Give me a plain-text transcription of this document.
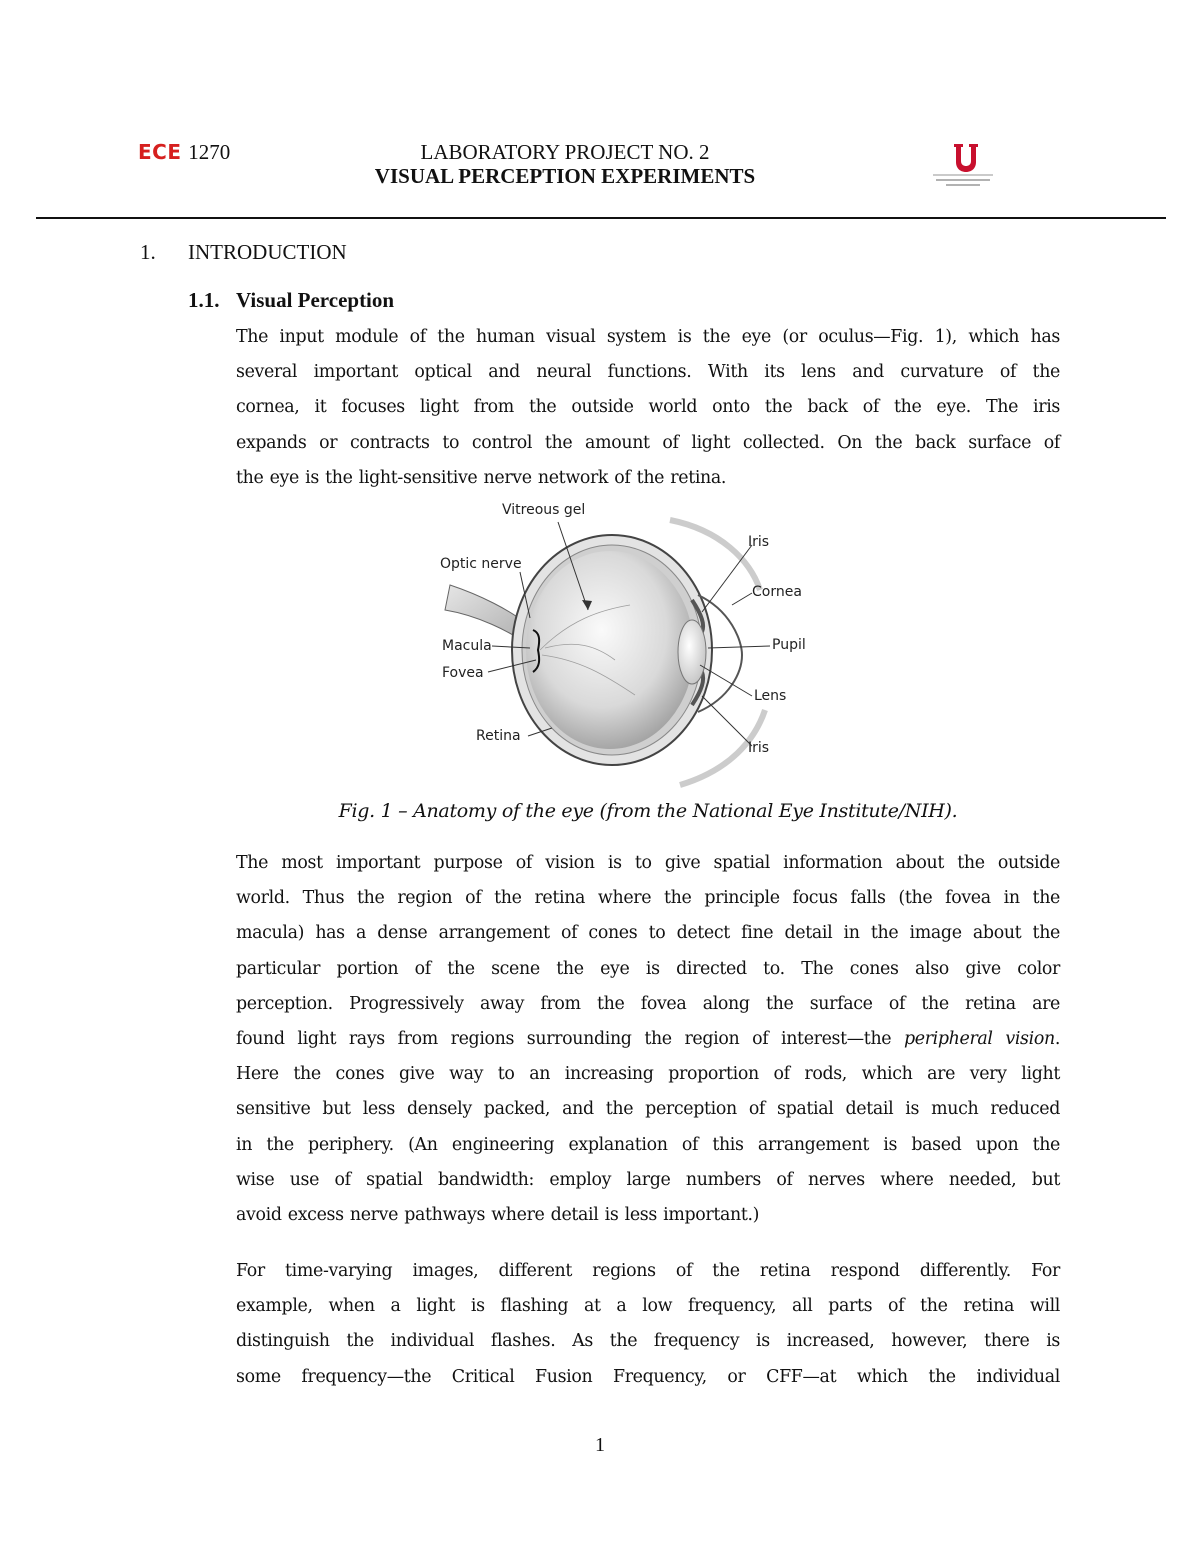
ECE 1270	LABORATORY PROJECT NO. 2
VISUAL PERCEPTION EXPERIMENTS
1. INTRODUCTION
1.1. Visual Perception

The input module of the human visual system is the eye (or oculus—Fig. 1), which has
several important optical and neural functions. With its lens and curvature of the
cornea, it focuses light from the outside world onto the back of the eye. The iris
expands or contracts to control the amount of light collected. On the back surface of
the eye is the light-sensitive nerve network of the retina.

Vitreous gel
Optic nerve
Macula
Fovea
Retina
Iris
Cornea
Pupil
Lens
Iris
Fig. 1 – Anatomy of the eye (from the National Eye Institute/NIH).

The most important purpose of vision is to give spatial information about the outside
world. Thus the region of the retina where the principle focus falls (the fovea in the
macula) has a dense arrangement of cones to detect fine detail in the image about the
particular portion of the scene the eye is directed to. The cones also give color
perception. Progressively away from the fovea along the surface of the retina are
found light rays from regions surrounding the region of interest—the peripheral vision.
Here the cones give way to an increasing proportion of rods, which are very light
sensitive but less densely packed, and the perception of spatial detail is much reduced
in the periphery. (An engineering explanation of this arrangement is based upon the
wise use of spatial bandwidth: employ large numbers of nerves where needed, but
avoid excess nerve pathways where detail is less important.)

For time-varying images, different regions of the retina respond differently. For
example, when a light is flashing at a low frequency, all parts of the retina will
distinguish the individual flashes. As the frequency is increased, however, there is
some frequency—the Critical Fusion Frequency, or CFF—at which the individual

1
